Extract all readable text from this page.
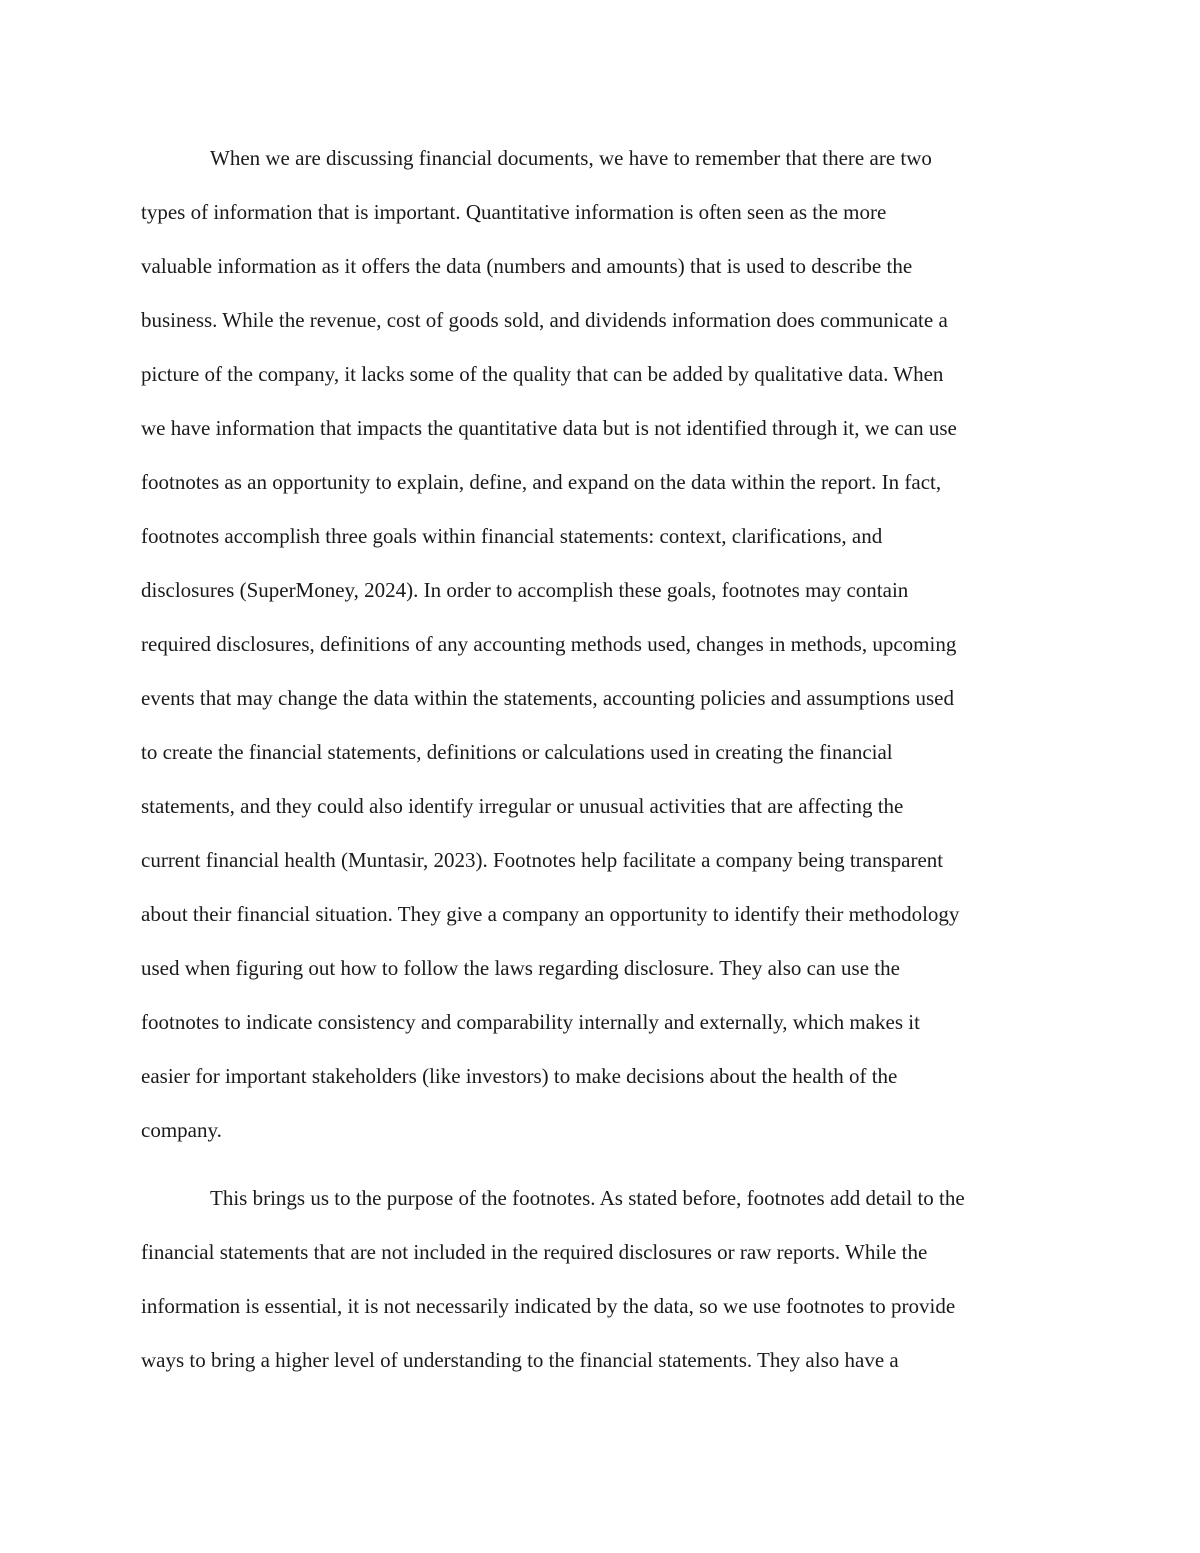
When we are discussing financial documents, we have to remember that there are two
types of information that is important. Quantitative information is often seen as the more
valuable information as it offers the data (numbers and amounts) that is used to describe the
business. While the revenue, cost of goods sold, and dividends information does communicate a
picture of the company, it lacks some of the quality that can be added by qualitative data. When
we have information that impacts the quantitative data but is not identified through it, we can use
footnotes as an opportunity to explain, define, and expand on the data within the report. In fact,
footnotes accomplish three goals within financial statements: context, clarifications, and
disclosures (SuperMoney, 2024). In order to accomplish these goals, footnotes may contain
required disclosures, definitions of any accounting methods used, changes in methods, upcoming
events that may change the data within the statements, accounting policies and assumptions used
to create the financial statements, definitions or calculations used in creating the financial
statements, and they could also identify irregular or unusual activities that are affecting the
current financial health (Muntasir, 2023). Footnotes help facilitate a company being transparent
about their financial situation. They give a company an opportunity to identify their methodology
used when figuring out how to follow the laws regarding disclosure. They also can use the
footnotes to indicate consistency and comparability internally and externally, which makes it
easier for important stakeholders (like investors) to make decisions about the health of the
company.
This brings us to the purpose of the footnotes. As stated before, footnotes add detail to the
financial statements that are not included in the required disclosures or raw reports. While the
information is essential, it is not necessarily indicated by the data, so we use footnotes to provide
ways to bring a higher level of understanding to the financial statements. They also have a
